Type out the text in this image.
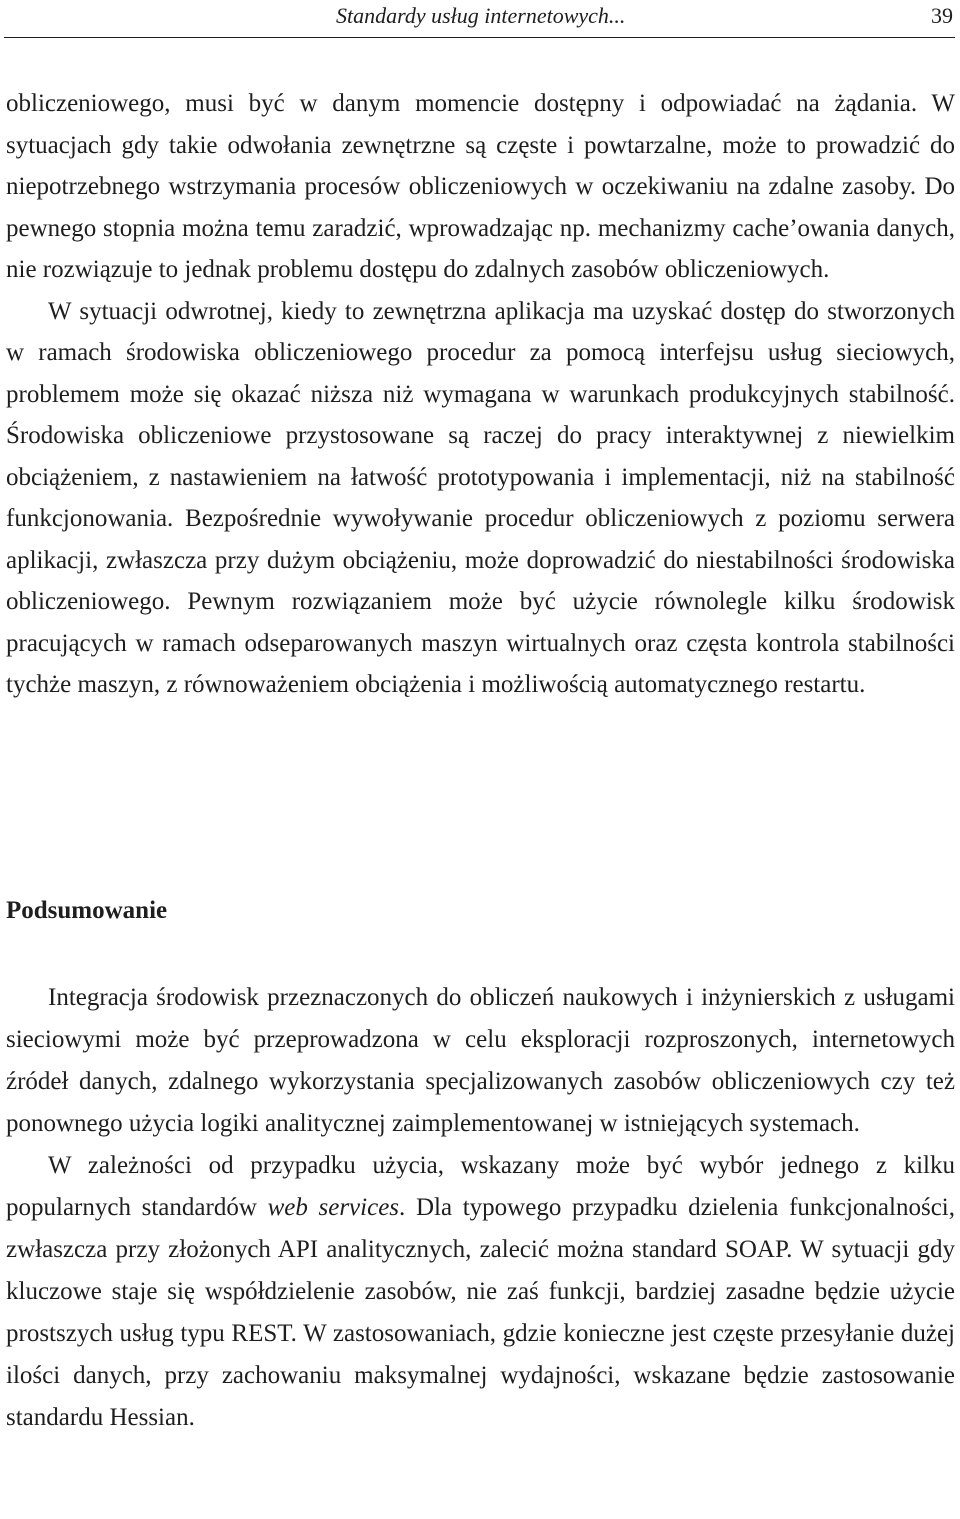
Standardy usług internetowych...	39

obliczeniowego, musi być w danym momencie dostępny i odpowiadać na żądania. W sytuacjach gdy takie odwołania zewnętrzne są częste i powtarzalne, może to prowadzić do niepotrzebnego wstrzymania procesów obliczeniowych w oczekiwaniu na zdalne zasoby. Do pewnego stopnia można temu zaradzić, wprowadzając np. mechanizmy cache’owania danych, nie rozwiązuje to jednak problemu dostępu do zdalnych zasobów obliczeniowych.

W sytuacji odwrotnej, kiedy to zewnętrzna aplikacja ma uzyskać dostęp do stworzonych w ramach środowiska obliczeniowego procedur za pomocą interfejsu usług sieciowych, problemem może się okazać niższa niż wymagana w warunkach produkcyjnych stabilność. Środowiska obliczeniowe przystosowane są raczej do pracy interaktywnej z niewielkim obciążeniem, z nastawieniem na łatwość prototypowania i implementacji, niż na stabilność funkcjonowania. Bezpośrednie wywoływanie procedur obliczeniowych z poziomu serwera aplikacji, zwłaszcza przy dużym obciążeniu, może doprowadzić do niestabilności środowiska obliczeniowego. Pewnym rozwiązaniem może być użycie równolegle kilku środowisk pracujących w ramach odseparowanych maszyn wirtualnych oraz częsta kontrola stabilności tychże maszyn, z równoważeniem obciążenia i możliwością automatycznego restartu.

Podsumowanie

Integracja środowisk przeznaczonych do obliczeń naukowych i inżynierskich z usługami sieciowymi może być przeprowadzona w celu eksploracji rozproszonych, internetowych źródeł danych, zdalnego wykorzystania specjalizowanych zasobów obliczeniowych czy też ponownego użycia logiki analitycznej zaimplementowanej w istniejących systemach.

W zależności od przypadku użycia, wskazany może być wybór jednego z kilku popularnych standardów web services. Dla typowego przypadku dzielenia funkcjonalności, zwłaszcza przy złożonych API analitycznych, zalecić można standard SOAP. W sytuacji gdy kluczowe staje się współdzielenie zasobów, nie zaś funkcji, bardziej zasadne będzie użycie prostszych usług typu REST. W zastosowaniach, gdzie konieczne jest częste przesyłanie dużej ilości danych, przy zachowaniu maksymalnej wydajności, wskazane będzie zastosowanie standardu Hessian.
